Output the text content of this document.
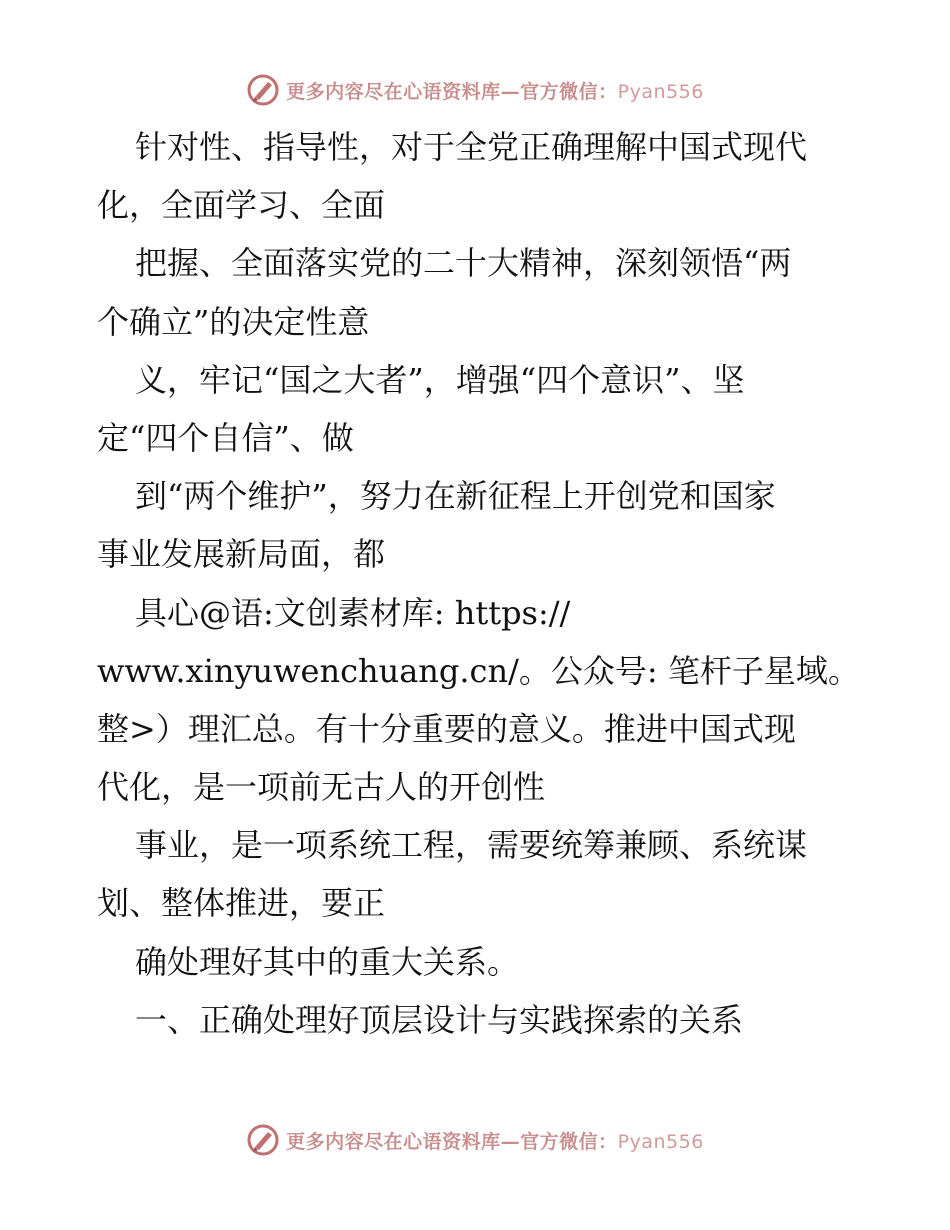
更多内容尽在心语资料库—官方微信：Pyan556
针对性、指导性，对于全党正确理解中国式现代
化，全面学习、全面
把握、全面落实党的二十大精神，深刻领悟“两
个确立”的决定性意
义，牢记“国之大者”，增强“四个意识”、坚
定“四个自信”、做
到“两个维护”，努力在新征程上开创党和国家
事业发展新局面，都
具心@语:文创素材库: https://
www.xinyuwenchuang.cn/。公众号: 笔杆子星域。
整>）理汇总。有十分重要的意义。推进中国式现
代化，是一项前无古人的开创性
事业，是一项系统工程，需要统筹兼顾、系统谋
划、整体推进，要正
确处理好其中的重大关系。
一、正确处理好顶层设计与实践探索的关系
更多内容尽在心语资料库—官方微信：Pyan556
